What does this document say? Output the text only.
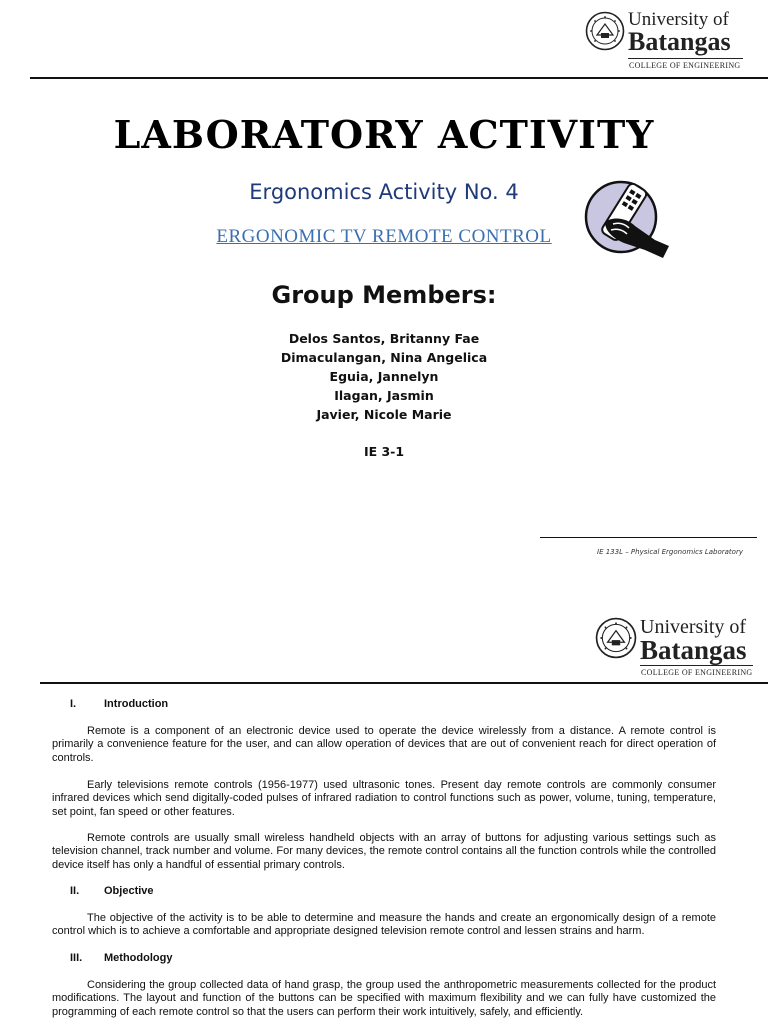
University of
Batangas
COLLEGE OF ENGINEERING
LABORATORY ACTIVITY
Ergonomics Activity No. 4
ERGONOMIC TV REMOTE CONTROL
Group Members:
Delos Santos, Britanny Fae
Dimaculangan, Nina Angelica
Eguia, Jannelyn
Ilagan, Jasmin
Javier, Nicole Marie
IE 3-1
IE 133L – Physical Ergonomics Laboratory
University of
Batangas
COLLEGE OF ENGINEERING
I.	Introduction
Remote is a component of an electronic device used to operate the device wirelessly from a distance. A remote control is primarily a convenience feature for the user, and can allow operation of devices that are out of convenient reach for direct operation of controls.
Early televisions remote controls (1956-1977) used ultrasonic tones. Present day remote controls are commonly consumer infrared devices which send digitally-coded pulses of infrared radiation to control functions such as power, volume, tuning, temperature, set point, fan speed or other features.
Remote controls are usually small wireless handheld objects with an array of buttons for adjusting various settings such as television channel, track number and volume. For many devices, the remote control contains all the function controls while the controlled device itself has only a handful of essential primary controls.
II. Objective
The objective of the activity is to be able to determine and measure the hands and create an ergonomically design of a remote control which is to achieve a comfortable and appropriate designed television remote control and lessen strains and harm.
III. Methodology
Considering the group collected data of hand grasp, the group used the anthropometric measurements collected for the product modifications. The layout and function of the buttons can be specified with maximum flexibility and we can fully have customized the programming of each remote control so that the users can perform their work intuitively, safely, and efficiently.
